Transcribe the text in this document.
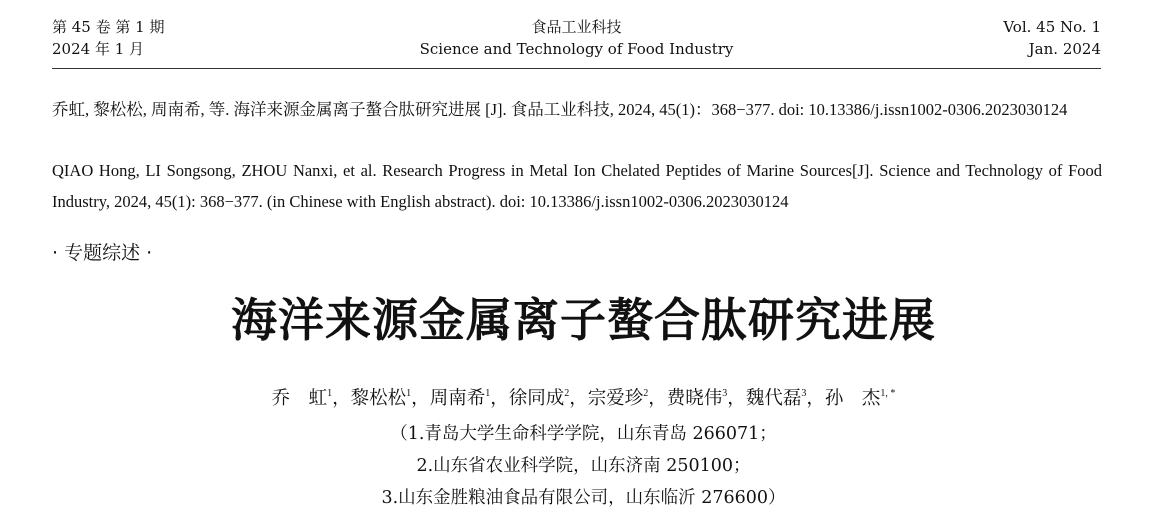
第 45 卷 第 1 期
2024 年 1 月
食品工业科技
Science and Technology of Food Industry
Vol. 45 No. 1
Jan. 2024
乔虹, 黎松松, 周南希, 等. 海洋来源金属离子螯合肽研究进展 [J]. 食品工业科技, 2024, 45(1)：368−377. doi: 10.13386/j.issn1002-0306.2023030124
QIAO Hong, LI Songsong, ZHOU Nanxi, et al. Research Progress in Metal Ion Chelated Peptides of Marine Sources[J]. Science and Technology of Food Industry, 2024, 45(1): 368−377. (in Chinese with English abstract). doi: 10.13386/j.issn1002-0306.2023030124
· 专题综述 ·
海洋来源金属离子螯合肽研究进展
乔　虹$^1$，黎松松$^1$，周南希$^1$，徐同成$^2$，宗爱珍$^2$，费晓伟$^3$，魏代磊$^3$，孙　杰$^{1, *}$
（1.青岛大学生命科学学院，山东青岛 266071；
2.山东省农业科学院，山东济南 250100；
3.山东金胜粮油食品有限公司，山东临沂 276600）
